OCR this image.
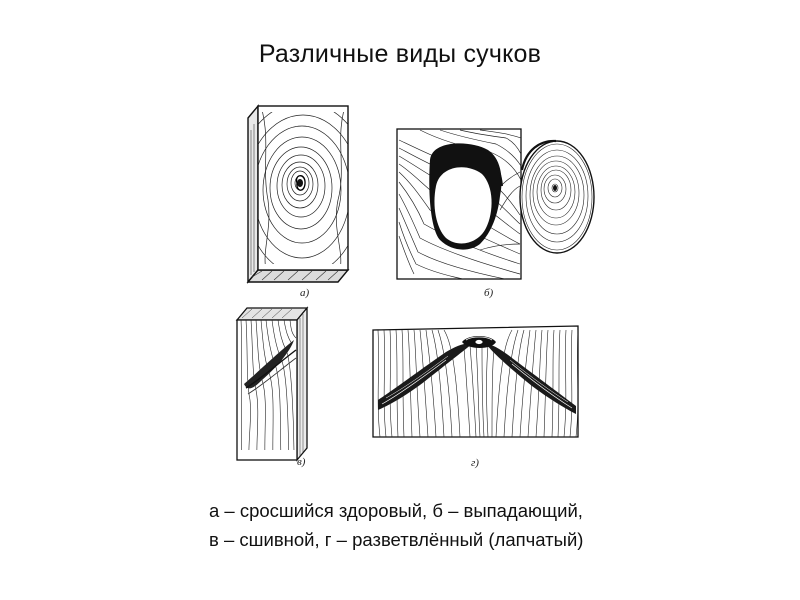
Различные виды сучков
а)	б)
в)	г)
а – сросшийся здоровый, б – выпадающий,
в – сшивной, г – разветвлённый (лапчатый)
